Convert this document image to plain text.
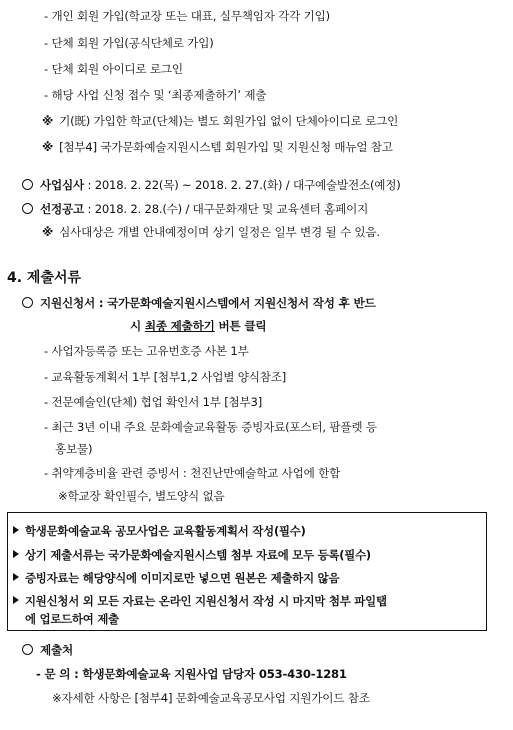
- 개인 회원 가입(학교장 또는 대표, 실무책임자 각각 기입)
- 단체 회원 가입(공식단체로 가입)
- 단체 회원 아이디로 로그인
- 해당 사업 신청 접수 및 ‘최종제출하기’ 제출
※ 기(既) 가입한 학교(단체)는 별도 회원가입 없이 단체아이디로 로그인
※ [첨부4] 국가문화예술지원시스템 회원가입 및 지원신청 매뉴얼 참고
사업심사 : 2018. 2. 22(목) ~ 2018. 2. 27.(화) / 대구예술발전소(예정)
선정공고 : 2018. 2. 28.(수) / 대구문화재단 및 교육센터 홈페이지
※ 심사대상은 개별 안내예정이며 상기 일정은 일부 변경 될 수 있음.
4. 제출서류
지원신청서 : 국가문화예술지원시스템에서 지원신청서 작성 후 반드
시 최종 제출하기 버튼 클릭
- 사업자등록증 또는 고유번호증 사본 1부
- 교육활동계획서 1부 [첨부1,2 사업별 양식참조]
- 전문예술인(단체) 협업 확인서 1부 [첨부3]
- 최근 3년 이내 주요 문화예술교육활동 증빙자료(포스터, 팜플렛 등
홍보물)
- 취약계층비율 관련 증빙서 : 천진난만예술학교 사업에 한함
※학교장 확인필수, 별도양식 없음
학생문화예술교육 공모사업은 교육활동계획서 작성(필수)
상기 제출서류는 국가문화예술지원시스템 첨부 자료에 모두 등록(필수)
증빙자료는 해당양식에 이미지로만 넣으면 원본은 제출하지 않음
지원신청서 외 모든 자료는 온라인 지원신청서 작성 시 마지막 첨부 파일탭
에 업로드하여 제출
제출처
- 문 의 : 학생문화예술교육 지원사업 담당자 053-430-1281
※자세한 사항은 [첨부4] 문화예술교육공모사업 지원가이드 참조
